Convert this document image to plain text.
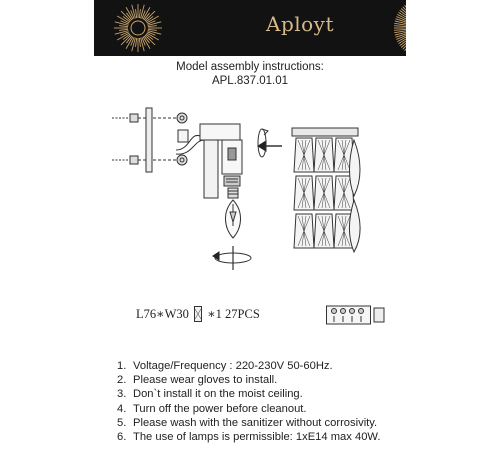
Aployt
Model assembly instructions:
APL.837.01.01
L76∗W30 ∗1 27PCS
1. Voltage/Frequency : 220-230V 50-60Hz.
2. Please wear gloves to install.
3. Don`t install it on the moist ceiling.
4. Turn off the power before cleanout.
5. Please wash with the sanitizer without corrosivity.
6. The use of lamps is permissible: 1xE14 max 40W.
